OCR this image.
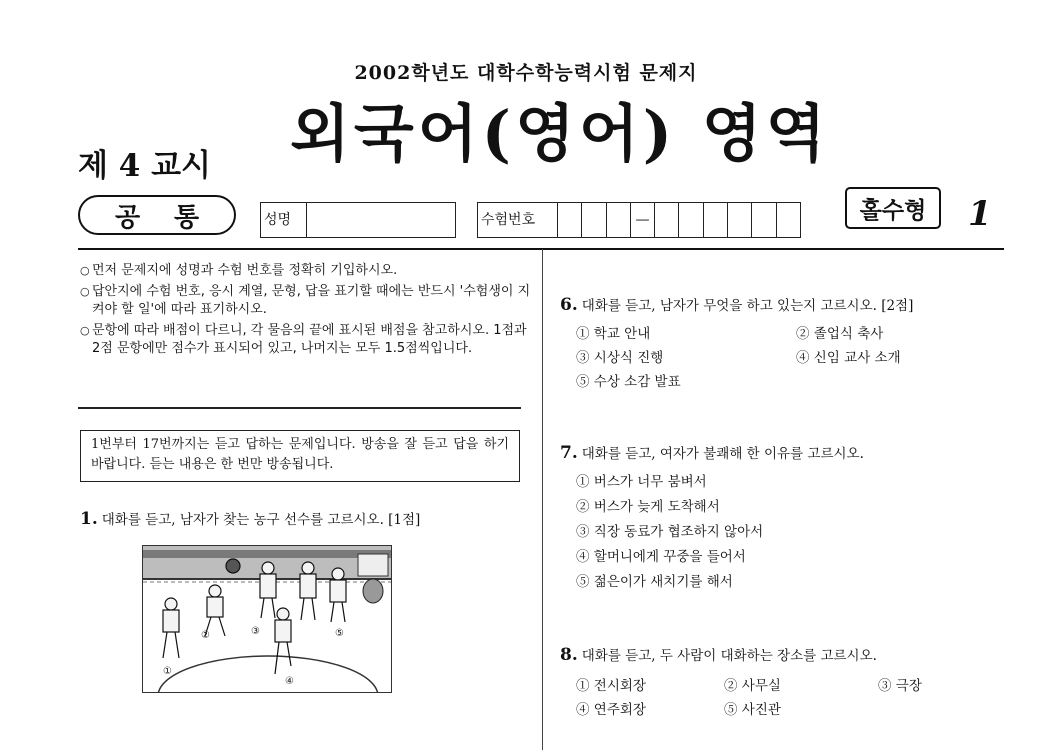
2002학년도 대학수학능력시험 문제지
제 4 교시 외국어(영어) 영역
공 통	성명	수험번호	—	홀수형	1
○ 먼저 문제지에 성명과 수험 번호를 정확히 기입하시오.
○ 답안지에 수험 번호, 응시 계열, 문형, 답을 표기할 때에는 반드시 '수험생이 지켜야 할 일'에 따라 표기하시오.
○ 문항에 따라 배점이 다르니, 각 물음의 끝에 표시된 배점을 참고하시오. 1점과 2점 문항에만 점수가 표시되어 있고, 나머지는 모두 1.5점씩입니다.
1번부터 17번까지는 듣고 답하는 문제입니다. 방송을 잘 듣고 답을 하기 바랍니다. 듣는 내용은 한 번만 방송됩니다.
1. 대화를 듣고, 남자가 찾는 농구 선수를 고르시오. [1점]
①
②	③
④
⑤
6. 대화를 듣고, 남자가 무엇을 하고 있는지 고르시오. [2점]
① 학교 안내	② 졸업식 축사
③ 시상식 진행	④ 신임 교사 소개
⑤ 수상 소감 발표
7. 대화를 듣고, 여자가 불쾌해 한 이유를 고르시오.
① 버스가 너무 붐벼서
② 버스가 늦게 도착해서
③ 직장 동료가 협조하지 않아서
④ 할머니에게 꾸중을 들어서
⑤ 젊은이가 새치기를 해서
8. 대화를 듣고, 두 사람이 대화하는 장소를 고르시오.
① 전시회장	② 사무실	③ 극장
④ 연주회장	⑤ 사진관
